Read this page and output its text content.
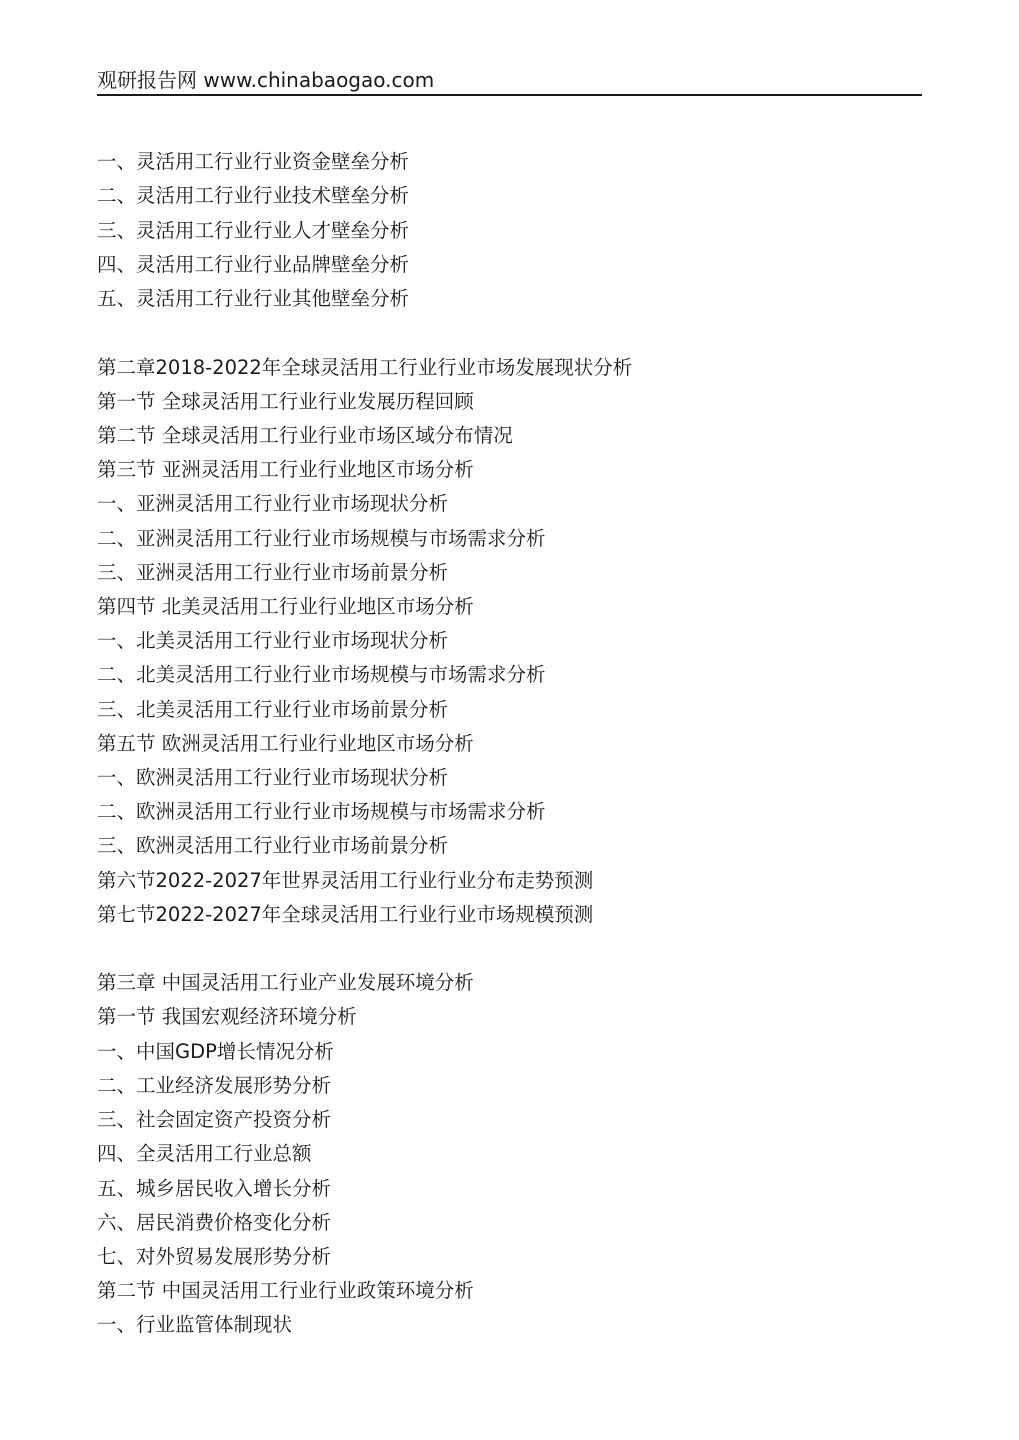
观研报告网 www.chinabaogao.com
一、灵活用工行业行业资金壁垒分析
二、灵活用工行业行业技术壁垒分析
三、灵活用工行业行业人才壁垒分析
四、灵活用工行业行业品牌壁垒分析
五、灵活用工行业行业其他壁垒分析
第二章2018-2022年全球灵活用工行业行业市场发展现状分析
第一节 全球灵活用工行业行业发展历程回顾
第二节 全球灵活用工行业行业市场区域分布情况
第三节 亚洲灵活用工行业行业地区市场分析
一、亚洲灵活用工行业行业市场现状分析
二、亚洲灵活用工行业行业市场规模与市场需求分析
三、亚洲灵活用工行业行业市场前景分析
第四节 北美灵活用工行业行业地区市场分析
一、北美灵活用工行业行业市场现状分析
二、北美灵活用工行业行业市场规模与市场需求分析
三、北美灵活用工行业行业市场前景分析
第五节 欧洲灵活用工行业行业地区市场分析
一、欧洲灵活用工行业行业市场现状分析
二、欧洲灵活用工行业行业市场规模与市场需求分析
三、欧洲灵活用工行业行业市场前景分析
第六节2022-2027年世界灵活用工行业行业分布走势预测
第七节2022-2027年全球灵活用工行业行业市场规模预测
第三章 中国灵活用工行业产业发展环境分析
第一节 我国宏观经济环境分析
一、中国GDP增长情况分析
二、工业经济发展形势分析
三、社会固定资产投资分析
四、全灵活用工行业总额
五、城乡居民收入增长分析
六、居民消费价格变化分析
七、对外贸易发展形势分析
第二节 中国灵活用工行业行业政策环境分析
一、行业监管体制现状
